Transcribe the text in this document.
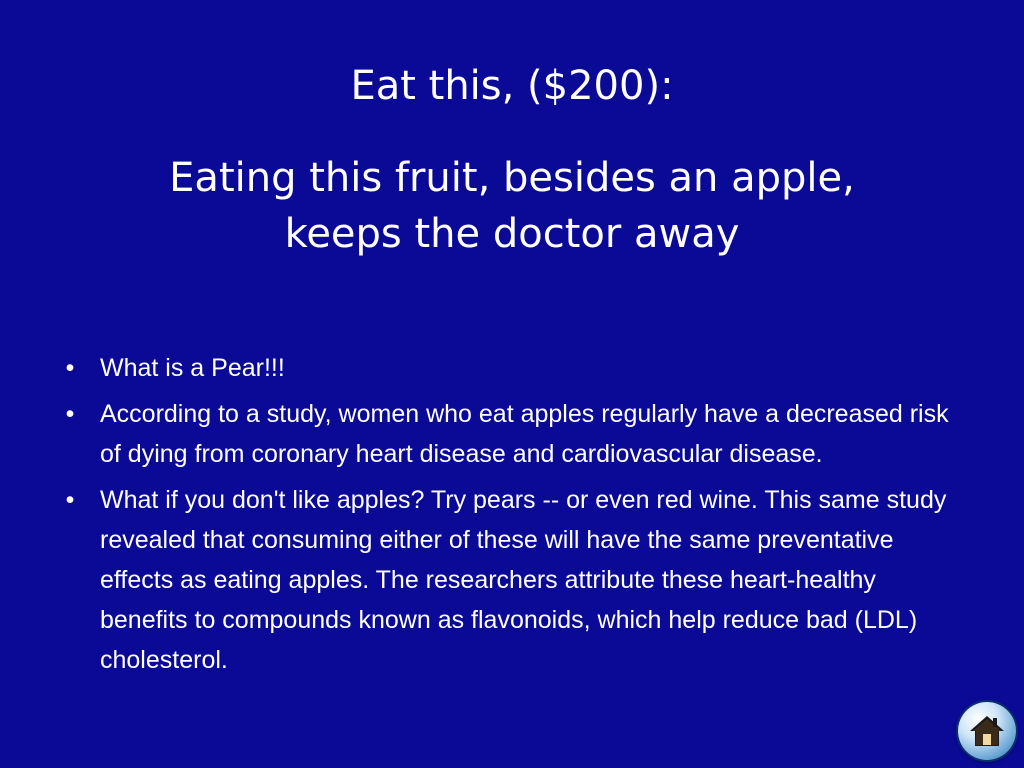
Eat this, ($200):
Eating this fruit, besides an apple,
keeps the doctor away
• What is a Pear!!!
• According to a study, women who eat apples regularly have a decreased risk of dying from coronary heart disease and cardiovascular disease.
• What if you don't like apples? Try pears -- or even red wine. This same study revealed that consuming either of these will have the same preventative effects as eating apples. The researchers attribute these heart-healthy benefits to compounds known as flavonoids, which help reduce bad (LDL) cholesterol.
